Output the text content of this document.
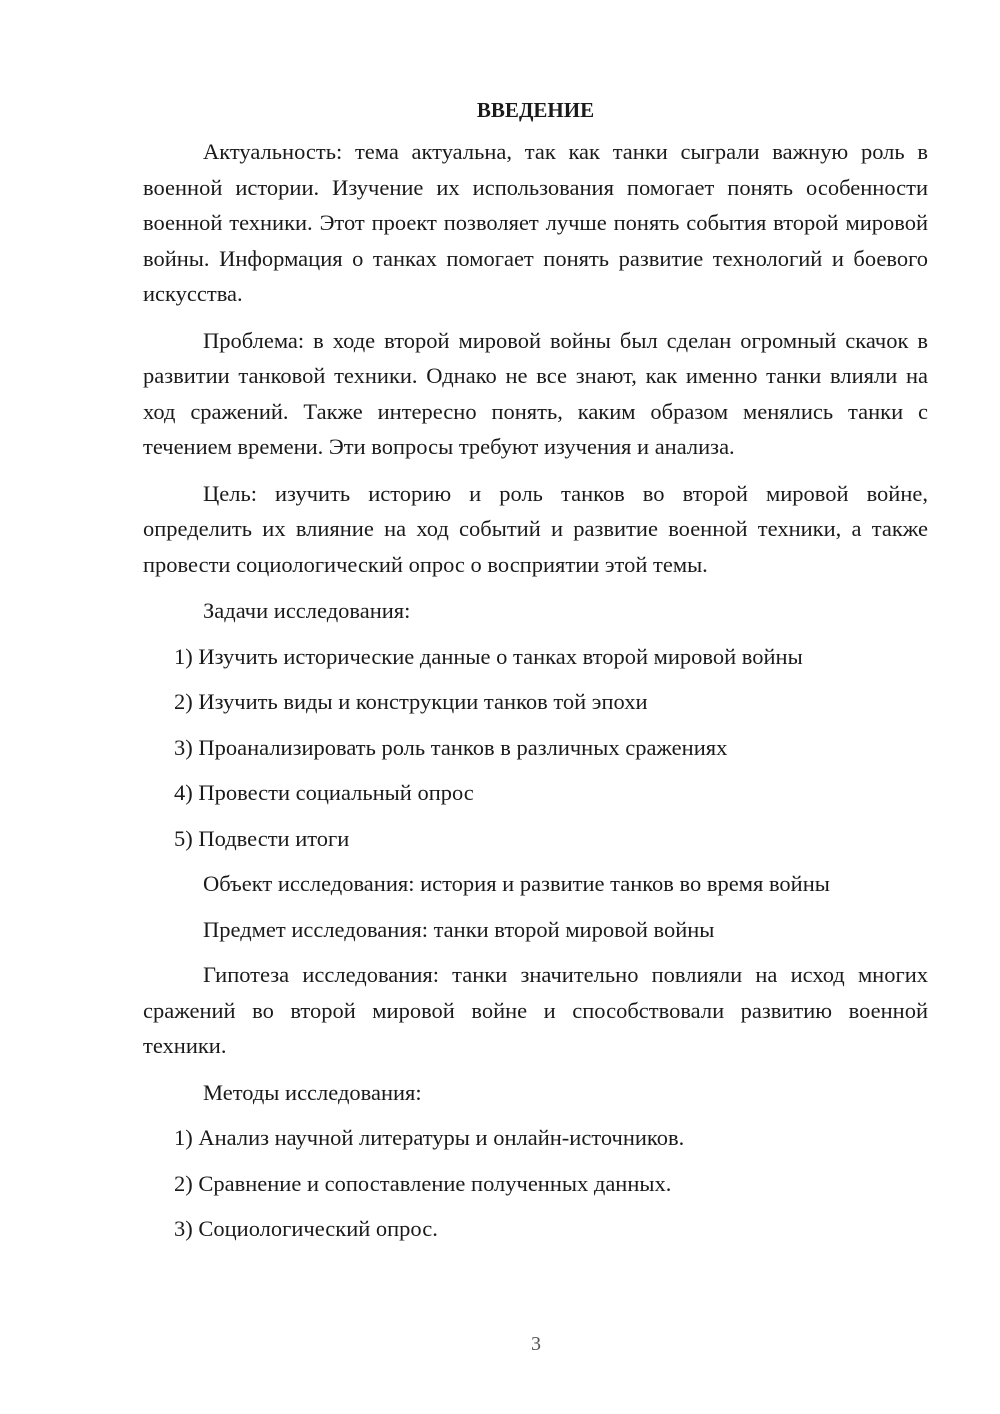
ВВЕДЕНИЕ
Актуальность: тема актуальна, так как танки сыграли важную роль в военной истории. Изучение их использования помогает понять особенности военной техники. Этот проект позволяет лучше понять события второй мировой войны. Информация о танках помогает понять развитие технологий и боевого искусства.
Проблема: в ходе второй мировой войны был сделан огромный скачок в развитии танковой техники. Однако не все знают, как именно танки влияли на ход сражений. Также интересно понять, каким образом менялись танки с течением времени. Эти вопросы требуют изучения и анализа.
Цель: изучить историю и роль танков во второй мировой войне, определить их влияние на ход событий и развитие военной техники, а также провести социологический опрос о восприятии этой темы.
Задачи исследования:
1) Изучить исторические данные о танках второй мировой войны
2) Изучить виды и конструкции танков той эпохи
3) Проанализировать роль танков в различных сражениях
4) Провести социальный опрос
5) Подвести итоги
Объект исследования: история и развитие танков во время войны
Предмет исследования: танки второй мировой войны
Гипотеза исследования: танки значительно повлияли на исход многих сражений во второй мировой войне и способствовали развитию военной техники.
Методы исследования:
1) Анализ научной литературы и онлайн-источников.
2) Сравнение и сопоставление полученных данных.
3) Социологический опрос.
3
